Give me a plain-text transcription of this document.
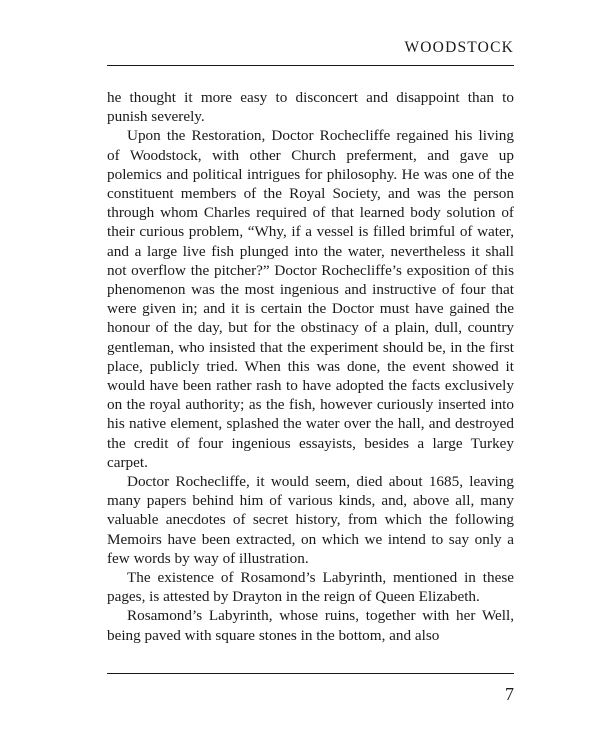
WOODSTOCK

he thought it more easy to disconcert and disappoint than to punish severely.

Upon the Restoration, Doctor Rochecliffe regained his living of Woodstock, with other Church preferment, and gave up polemics and political intrigues for philosophy. He was one of the constituent members of the Royal Society, and was the person through whom Charles required of that learned body solution of their curious problem, “Why, if a vessel is filled brimful of water, and a large live fish plunged into the water, nevertheless it shall not overflow the pitcher?” Doctor Rochecliffe’s exposition of this phenomenon was the most ingenious and instructive of four that were given in; and it is certain the Doctor must have gained the honour of the day, but for the obstinacy of a plain, dull, country gentleman, who insisted that the experiment should be, in the first place, publicly tried. When this was done, the event showed it would have been rather rash to have adopted the facts exclusively on the royal authority; as the fish, however curiously inserted into his native element, splashed the water over the hall, and destroyed the credit of four ingenious essayists, besides a large Turkey carpet.

Doctor Rochecliffe, it would seem, died about 1685, leaving many papers behind him of various kinds, and, above all, many valuable anecdotes of secret history, from which the following Memoirs have been extracted, on which we intend to say only a few words by way of illustration.

The existence of Rosamond’s Labyrinth, mentioned in these pages, is attested by Drayton in the reign of Queen Elizabeth.

Rosamond’s Labyrinth, whose ruins, together with her Well, being paved with square stones in the bottom, and also

7
